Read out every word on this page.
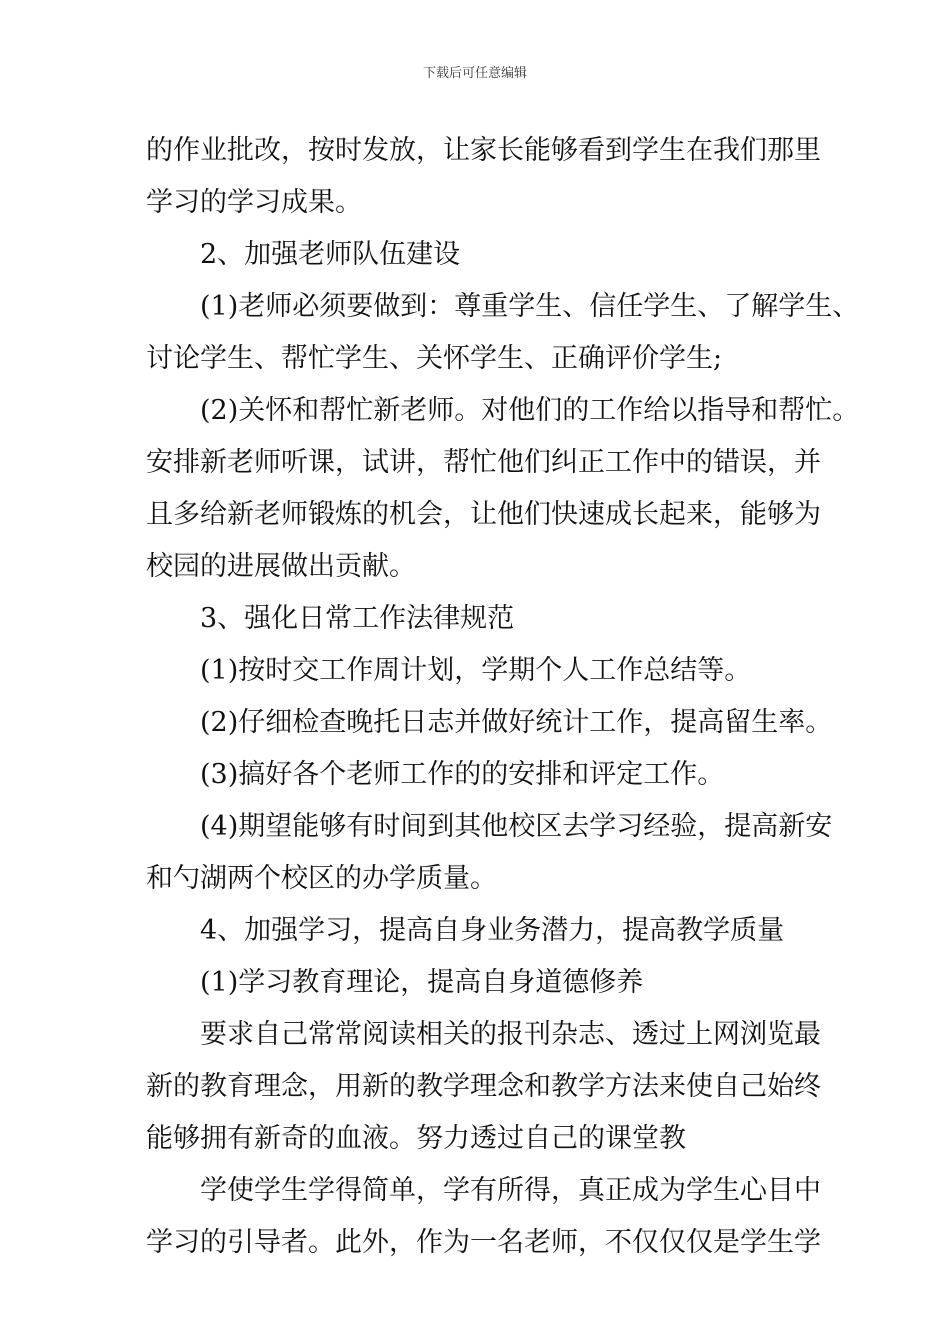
下载后可任意编辑
的作业批改，按时发放，让家长能够看到学生在我们那里
学习的学习成果。
2、加强老师队伍建设
(1)老师必须要做到：尊重学生、信任学生、了解学生、
讨论学生、帮忙学生、关怀学生、正确评价学生;
(2)关怀和帮忙新老师。对他们的工作给以指导和帮忙。
安排新老师听课，试讲，帮忙他们纠正工作中的错误，并
且多给新老师锻炼的机会，让他们快速成长起来，能够为
校园的进展做出贡献。
3、强化日常工作法律规范
(1)按时交工作周计划，学期个人工作总结等。
(2)仔细检查晚托日志并做好统计工作，提高留生率。
(3)搞好各个老师工作的的安排和评定工作。
(4)期望能够有时间到其他校区去学习经验，提高新安
和勺湖两个校区的办学质量。
4、加强学习，提高自身业务潜力，提高教学质量
(1)学习教育理论，提高自身道德修养
要求自己常常阅读相关的报刊杂志、透过上网浏览最
新的教育理念，用新的教学理念和教学方法来使自己始终
能够拥有新奇的血液。努力透过自己的课堂教
学使学生学得简单，学有所得，真正成为学生心目中
学习的引导者。此外，作为一名老师，不仅仅仅是学生学
